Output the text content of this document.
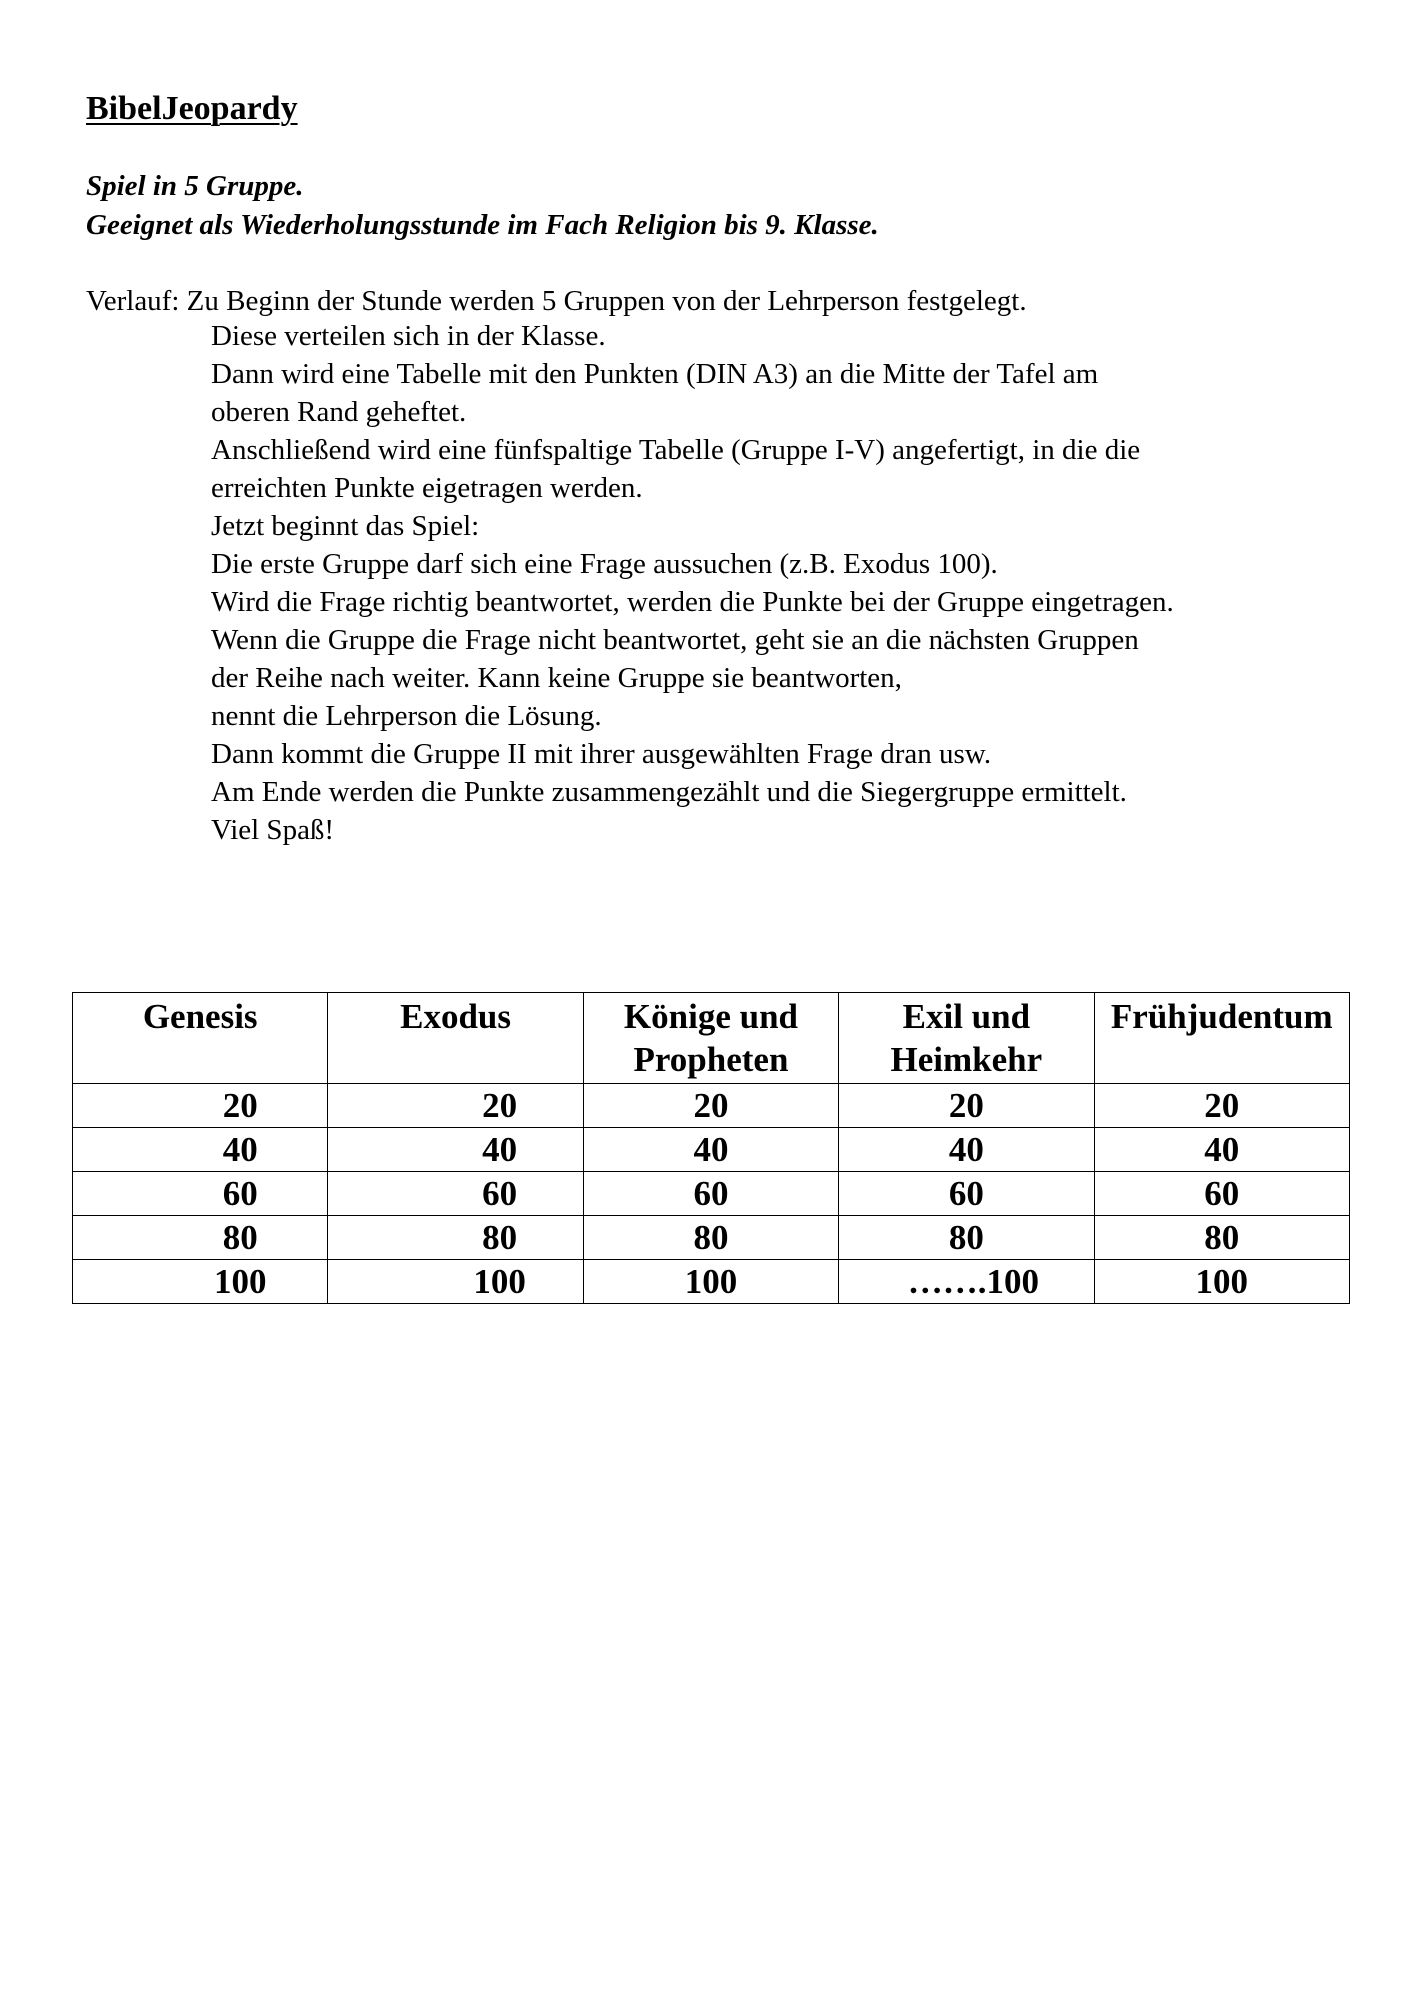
BibelJeopardy
Spiel in 5 Gruppe.
Geeignet als Wiederholungsstunde im Fach Religion bis 9. Klasse.
Verlauf: Zu Beginn der Stunde werden 5 Gruppen von der Lehrperson festgelegt.
Diese verteilen sich in der Klasse.
Dann wird eine Tabelle mit den Punkten (DIN A3) an die Mitte der Tafel am
oberen Rand geheftet.
Anschließend wird eine fünfspaltige Tabelle (Gruppe I-V) angefertigt, in die die
erreichten Punkte eigetragen werden.
Jetzt beginnt das Spiel:
Die erste Gruppe darf sich eine Frage aussuchen (z.B. Exodus 100).
Wird die Frage richtig beantwortet, werden die Punkte bei der Gruppe eingetragen.
Wenn die Gruppe die Frage nicht beantwortet, geht sie an die nächsten Gruppen
der Reihe nach weiter. Kann keine Gruppe sie beantworten,
nennt die Lehrperson die Lösung.
Dann kommt die Gruppe II mit ihrer ausgewählten Frage dran usw.
Am Ende werden die Punkte zusammengezählt und die Siegergruppe ermittelt.
Viel Spaß!
Genesis	Exodus	Könige und Propheten	Exil und Heimkehr	Frühjudentum
20	20	20	20	20
40	40	40	40	40
60	60	60	60	60
80	80	80	80	80
100	100	100	…….100	100
